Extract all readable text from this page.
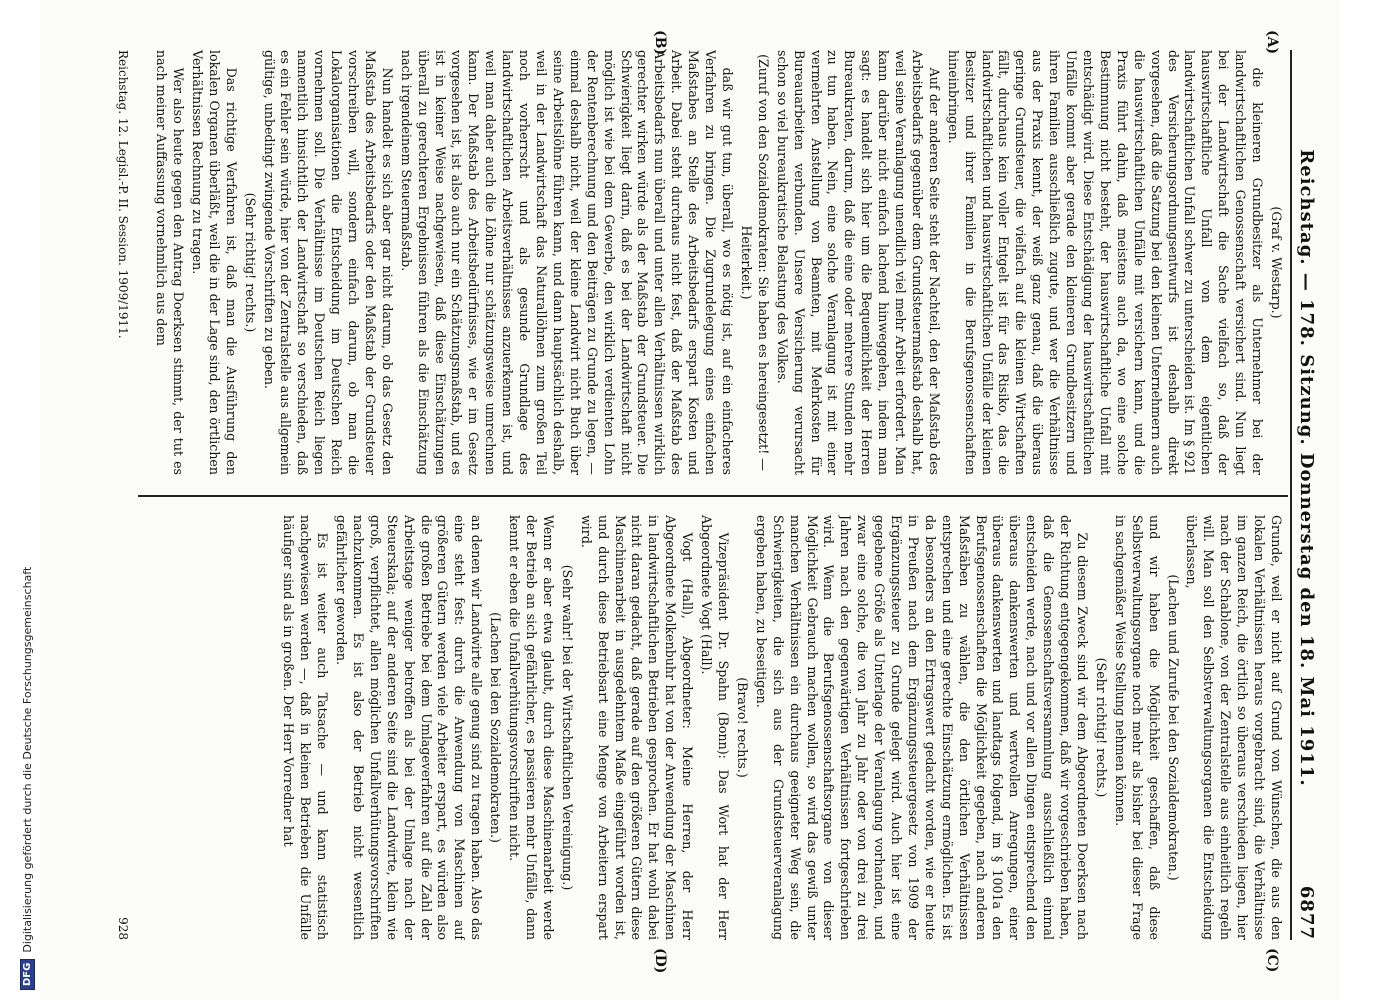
Reichstag. — 178. Sitzung. Donnerstag den 18. Mai 1911.
6877
(A)
(B)
(C)
(D)

(Graf v. Westarp.)

die kleineren Grundbesitzer als Unternehmer bei der landwirtschaftlichen Genossenschaft versichert sind. Nun liegt bei der Landwirtschaft die Sache vielfach so, daß der hauswirtschaftliche Unfall von dem eigentlichen landwirtschaftlichen Unfall schwer zu unterscheiden ist. Im § 921 des Versicherungsordnungsentwurfs ist deshalb direkt vorgesehen, daß die Satzung bei den kleinen Unternehmern auch die hauswirtschaftlichen Unfälle mit versichern kann, und die Praxis führt dahin, daß meistens auch da, wo eine solche Bestimmung nicht besteht, der hauswirtschaftliche Unfall mit entschädigt wird. Diese Entschädigung der hauswirtschaftlichen Unfälle kommt aber gerade den kleineren Grundbesitzern und ihren Familien ausschließlich zugute, und wer die Verhältnisse aus der Praxis kennt, der weiß ganz genau, daß die überaus geringe Grundsteuer, die vielfach auf die kleinen Wirtschaften fällt, durchaus kein voller Entgelt ist für das Risiko, das die landwirtschaftlichen und hauswirtschaftlichen Unfälle der kleinen Besitzer und ihrer Familien in die Berufsgenossenschaften hineinbringen.

Auf der anderen Seite steht der Nachteil, den der Maßstab des Arbeitsbedarfs gegenüber dem Grundsteuermaßstab deshalb hat, weil seine Veranlagung unendlich viel mehr Arbeit erfordert. Man kann darüber nicht einfach lachend hinweggehen, indem man sagt: es handelt sich hier um die Bequemlichkeit der Herren Bureaukraten, darum, daß die eine oder mehrere Stunden mehr zu tun haben. Nein, eine solche Veranlagung ist mit einer vermehrten Anstellung von Beamten, mit Mehrkosten für Bureauarbeiten verbunden. Unsere Versicherung verursacht schon so viel bureaukratische Belastung des Volkes.

(Zuruf von den Sozialdemokraten: Sie haben es hereingesetzt! — Heiterkeit.)

daß wir gut tun, überall, wo es nötig ist, auf ein einfacheres Verfahren zu bringen. Die Zugrundelegung eines einfachen Maßstabes an Stelle des Arbeitsbedarfs erspart Kosten und Arbeit. Dabei steht durchaus nicht fest, daß der Maßstab des Arbeitsbedarfs nun überall und unter allen Verhältnissen wirklich gerechter wirken würde als der Maßstab der Grundsteuer. Die Schwierigkeit liegt darin, daß es bei der Landwirtschaft nicht möglich ist wie bei dem Gewerbe, den wirklich verdienten Lohn der Rentenberechnung und den Beiträgen zu Grunde zu legen, — einmal deshalb nicht, weil der kleine Landwirt nicht Buch über seine Arbeitslöhne führen kann, und dann hauptsächlich deshalb, weil in der Landwirtschaft das Naturallöhnen zum großen Teil noch vorherrscht und als gesunde Grundlage des landwirtschaftlichen Arbeitsverhältnisses anzuerkennen ist, und weil man daher auch die Löhne nur schätzungsweise umrechnen kann. Der Maßstab des Arbeitsbedürfnisses, wie er im Gesetz vorgesehen ist, ist also auch nur ein Schätzungsmaßstab, und es ist in keiner Weise nachgewiesen, daß diese Einschätzungen überall zu gerechteren Ergebnissen führen als die Einschätzung nach irgendeinem Steuermaßstab.

Nun handelt es sich aber gar nicht darum, ob das Gesetz den Maßstab des Arbeitsbedarfs oder den Maßstab der Grundsteuer vorschreiben will, sondern einfach darum, ob man die Lokalorganisationen die Entscheidung im Deutschen Reich vornehmen soll. Die Verhältnisse im Deutschen Reich liegen namentlich hinsichtlich der Landwirtschaft so verschieden, daß es ein Fehler sein würde, hier von der Zentralstelle aus allgemein gültige, unbedingt zwingende Vorschriften zu geben.

(Sehr richtig! rechts.)

Das richtige Verfahren ist, daß man die Ausführung den lokalen Organen überläßt, weil die in der Lage sind, den örtlichen Verhältnissen Rechnung zu tragen.

Wer also heute gegen den Antrag Doerksen stimmt, der tut es nach meiner Auffassung vornehmlich aus dem

Grunde, weil er nicht auf Grund von Wünschen, die aus den lokalen Verhältnissen heraus vorgebracht sind, die Verhältnisse im ganzen Reich, die örtlich so überaus verschieden liegen, hier nach der Schablone, von der Zentralstelle aus einheitlich regeln will. Man soll den Selbstverwaltungsorganen die Entscheidung überlassen,

(Lachen und Zurufe bei den Sozialdemokraten.)

und wir haben die Möglichkeit geschaffen, daß diese Selbstverwaltungsorgane noch mehr als bisher bei dieser Frage in sachgemäßer Weise Stellung nehmen können.

(Sehr richtig! rechts.)

Zu diesem Zweck sind wir dem Abgeordneten Doerksen nach der Richtung entgegengekommen, daß wir vorgeschrieben haben, daß die Genossenschaftsversammlung ausschließlich einmal entscheiden werde, nach und vor allen Dingen entsprechend den überaus dankenswerten und wertvollen Anregungen, einer überaus dankenswerten und landtags folgend, im § 1001a den Berufsgenossenschaften die Möglichkeit gegeben, nach anderen Maßstäben zu wählen, die den örtlichen Verhältnissen entsprechen und eine gerechte Einschätzung ermöglichen. Es ist da besonders an den Ertragswert gedacht worden, wie er heute in Preußen nach dem Ergänzungssteuergesetz von 1909 der Ergänzungssteuer zu Grunde gelegt wird. Auch hier ist eine gegebene Größe als Unterlage der Veranlagung vorhanden, und zwar eine solche, die von Jahr zu Jahr oder von drei zu drei Jahren nach den gegenwärtigen Verhältnissen fortgeschrieben wird. Wenn die Berufsgenossenschaftsorgane von dieser Möglichkeit Gebrauch machen wollen, so wird das gewiß unter manchen Verhältnissen ein durchaus geeigneter Weg sein, die Schwierigkeiten, die sich aus der Grundsteuerveranlagung ergeben haben, zu beseitigen.

(Bravo! rechts.)

Vizepräsident Dr. Spahn (Bonn): Das Wort hat der Herr Abgeordnete Vogt (Hall).

Vogt (Hall), Abgeordneter: Meine Herren, der Herr Abgeordnete Molkenbuhr hat von der Anwendung der Maschinen in landwirtschaftlichen Betrieben gesprochen. Er hat wohl dabei nicht daran gedacht, daß gerade auf den größeren Gütern diese Maschinenarbeit in ausgedehntem Maße eingeführt worden ist, und durch diese Betriebsart eine Menge von Arbeitern erspart wird.

(Sehr wahr! bei der Wirtschaftlichen Vereinigung.)

Wenn er aber etwa glaubt, durch diese Maschinenarbeit werde der Betrieb an sich gefährlicher, es passieren mehr Unfälle, dann kennt er eben die Unfallverhütungsvorschriften nicht.

(Lachen bei den Sozialdemokraten.)

an denen wir Landwirte alle genug sind zu tragen haben. Also das eine steht fest: durch die Anwendung von Maschinen auf größeren Gütern werden viele Arbeiter erspart, es würden also die großen Betriebe bei dem Umlageverfahren auf die Zahl der Arbeitstage weniger betroffen als bei der Umlage nach der Steuerskala; auf der anderen Seite sind die Landwirte, klein wie groß, verpflichtet, allen möglichen Unfallverhütungsvorschriften nachzukommen. Es ist also der Betrieb nicht wesentlich gefährlicher geworden.

Es ist weiter auch Tatsache — und kann statistisch nachgewiesen werden —, daß in kleinen Betrieben die Unfälle häufiger sind als in großen. Der Herr Vorredner hat

Reichstag. 12. Legisl.-P. II. Session. 1909/1911.
928
DFG
Digitalisierung gefördert durch die Deutsche Forschungsgemeinschaft
